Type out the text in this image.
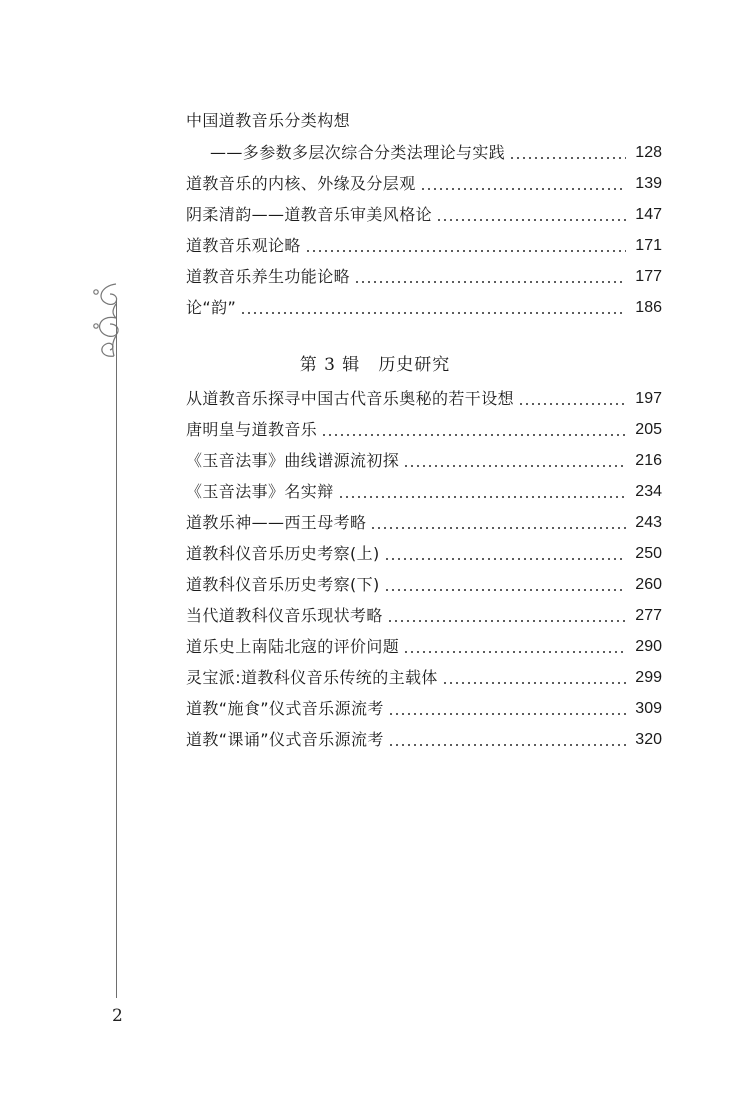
中国道教音乐分类构想
——多参数多层次综合分类法理论与实践	128
道教音乐的内核、外缘及分层观	139
阴柔清韵——道教音乐审美风格论	147
道教音乐观论略	171
道教音乐养生功能论略	177
论“韵”	186
第 3 辑 历史研究
从道教音乐探寻中国古代音乐奥秘的若干设想	197
唐明皇与道教音乐	205
《玉音法事》曲线谱源流初探	216
《玉音法事》名实辩	234
道教乐神——西王母考略	243
道教科仪音乐历史考察(上)	250
道教科仪音乐历史考察(下)	260
当代道教科仪音乐现状考略	277
道乐史上南陆北寇的评价问题	290
灵宝派:道教科仪音乐传统的主载体	299
道教“施食”仪式音乐源流考	309
道教“课诵”仪式音乐源流考	320
2
